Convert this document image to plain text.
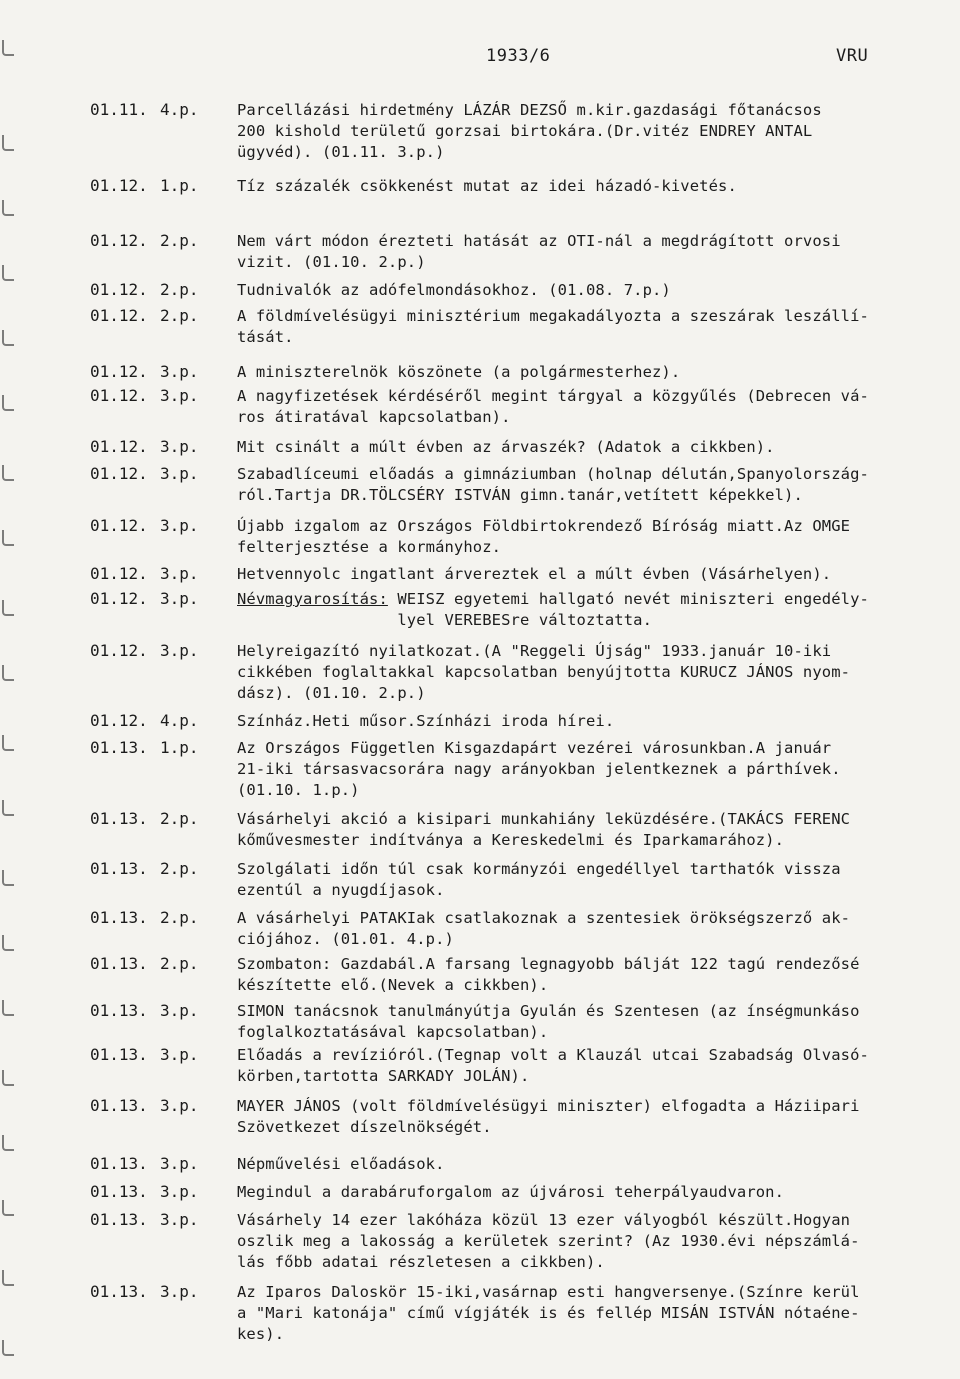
1933/6	VRU
01.11. 4.p. Parcellázási hirdetmény LÁZÁR DEZSŐ m.kir.gazdasági főtanácsos
200 kishold területű gorzsai birtokára.(Dr.vitéz ENDREY ANTAL
ügyvéd). (01.11. 3.p.)
01.12. 1.p. Tíz százalék csökkenést mutat az idei házadó-kivetés.
01.12. 2.p. Nem várt módon érezteti hatását az OTI-nál a megdrágított orvosi
vizit. (01.10. 2.p.)
01.12. 2.p. Tudnivalók az adófelmondásokhoz. (01.08. 7.p.)
01.12. 2.p. A földmívelésügyi minisztérium megakadályozta a szeszárak leszállí-
tását.
01.12. 3.p. A miniszterelnök köszönete (a polgármesterhez).
01.12. 3.p. A nagyfizetések kérdéséről megint tárgyal a közgyűlés (Debrecen vá-
ros átiratával kapcsolatban).
01.12. 3.p. Mit csinált a múlt évben az árvaszék? (Adatok a cikkben).
01.12. 3.p. Szabadlíceumi előadás a gimnáziumban (holnap délután,Spanyolország-
ról.Tartja DR.TÖLCSÉRY ISTVÁN gimn.tanár,vetített képekkel).
01.12. 3.p. Újabb izgalom az Országos Földbirtokrendező Bíróság miatt.Az OMGE
felterjesztése a kormányhoz.
01.12. 3.p. Hetvennyolc ingatlant árvereztek el a múlt évben (Vásárhelyen).
01.12. 3.p. Névmagyarosítás: WEISZ egyetemi hallgató nevét miniszteri engedély-
lyel VEREBESre változtatta.
01.12. 3.p. Helyreigazító nyilatkozat.(A "Reggeli Újság" 1933.január 10-iki
cikkében foglaltakkal kapcsolatban benyújtotta KURUCZ JÁNOS nyom-
dász). (01.10. 2.p.)
01.12. 4.p. Színház.Heti műsor.Színházi iroda hírei.
01.13. 1.p. Az Országos Független Kisgazdapárt vezérei városunkban.A január
21-iki társasvacsorára nagy arányokban jelentkeznek a párthívek.
(01.10. 1.p.)
01.13. 2.p. Vásárhelyi akció a kisipari munkahiány leküzdésére.(TAKÁCS FERENC
kőművesmester indítványa a Kereskedelmi és Iparkamarához).
01.13. 2.p. Szolgálati időn túl csak kormányzói engedéllyel tarthatók vissza
ezentúl a nyugdíjasok.
01.13. 2.p. A vásárhelyi PATAKIak csatlakoznak a szentesiek örökségszerző ak-
ciójához. (01.01. 4.p.)
01.13. 2.p. Szombaton: Gazdabál.A farsang legnagyobb bálját 122 tagú rendezősé
készítette elő.(Nevek a cikkben).
01.13. 3.p. SIMON tanácsnok tanulmányútja Gyulán és Szentesen (az ínségmunkáso
foglalkoztatásával kapcsolatban).
01.13. 3.p. Előadás a revízióról.(Tegnap volt a Klauzál utcai Szabadság Olvasó-
körben,tartotta SARKADY JOLÁN).
01.13. 3.p. MAYER JÁNOS (volt földmívelésügyi miniszter) elfogadta a Háziipari
Szövetkezet díszelnökségét.
01.13. 3.p. Népművelési előadások.
01.13. 3.p. Megindul a darabáruforgalom az újvárosi teherpályaudvaron.
01.13. 3.p. Vásárhely 14 ezer lakóháza közül 13 ezer vályogból készült.Hogyan
oszlik meg a lakosság a kerületek szerint? (Az 1930.évi népszámlá-
lás főbb adatai részletesen a cikkben).
01.13. 3.p. Az Iparos Daloskör 15-iki,vasárnap esti hangversenye.(Színre kerül
a "Mari katonája" című vígjáték is és fellép MISÁN ISTVÁN nótaéne-
kes).
